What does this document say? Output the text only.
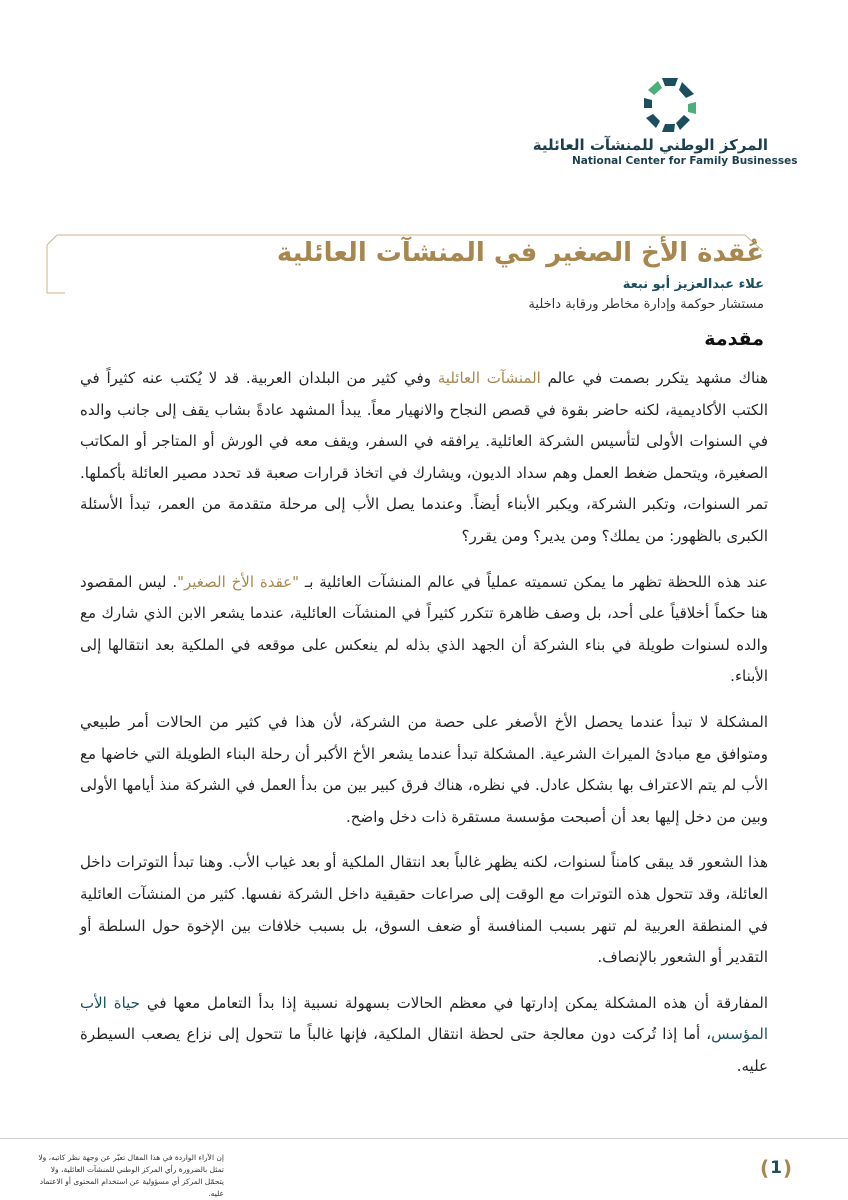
المركز الوطني للمنشآت العائلية
National Center for Family Businesses
عُقدة الأخ الصغير في المنشآت العائلية
علاء عبدالعزيز أبو نبعة
مستشار حوكمة وإدارة مخاطر ورقابة داخلية
مقدمة

هناك مشهد يتكرر بصمت في عالم المنشآت العائلية وفي كثير من البلدان العربية. قد لا يُكتب عنه كثيراً في الكتب الأكاديمية، لكنه حاضر بقوة في قصص النجاح والانهيار معاً. يبدأ المشهد عادةً بشاب يقف إلى جانب والده في السنوات الأولى لتأسيس الشركة العائلية. يرافقه في السفر، ويقف معه في الورش أو المتاجر أو المكاتب الصغيرة، ويتحمل ضغط العمل وهم سداد الديون، ويشارك في اتخاذ قرارات صعبة قد تحدد مصير العائلة بأكملها. تمر السنوات، وتكبر الشركة، ويكبر الأبناء أيضاً. وعندما يصل الأب إلى مرحلة متقدمة من العمر، تبدأ الأسئلة الكبرى بالظهور: من يملك؟ ومن يدير؟ ومن يقرر؟

عند هذه اللحظة تظهر ما يمكن تسميته عملياً في عالم المنشآت العائلية بـ "عقدة الأخ الصغير". ليس المقصود هنا حكماً أخلاقياً على أحد، بل وصف ظاهرة تتكرر كثيراً في المنشآت العائلية، عندما يشعر الابن الذي شارك مع والده لسنوات طويلة في بناء الشركة أن الجهد الذي بذله لم ينعكس على موقعه في الملكية بعد انتقالها إلى الأبناء.

المشكلة لا تبدأ عندما يحصل الأخ الأصغر على حصة من الشركة، لأن هذا في كثير من الحالات أمر طبيعي ومتوافق مع مبادئ الميراث الشرعية. المشكلة تبدأ عندما يشعر الأخ الأكبر أن رحلة البناء الطويلة التي خاضها مع الأب لم يتم الاعتراف بها بشكل عادل. في نظره، هناك فرق كبير بين من بدأ العمل في الشركة منذ أيامها الأولى وبين من دخل إليها بعد أن أصبحت مؤسسة مستقرة ذات دخل واضح.

هذا الشعور قد يبقى كامناً لسنوات، لكنه يظهر غالباً بعد انتقال الملكية أو بعد غياب الأب. وهنا تبدأ التوترات داخل العائلة، وقد تتحول هذه التوترات مع الوقت إلى صراعات حقيقية داخل الشركة نفسها. كثير من المنشآت العائلية في المنطقة العربية لم تنهر بسبب المنافسة أو ضعف السوق، بل بسبب خلافات بين الإخوة حول السلطة أو التقدير أو الشعور بالإنصاف.

المفارقة أن هذه المشكلة يمكن إدارتها في معظم الحالات بسهولة نسبية إذا بدأ التعامل معها في حياة الأب المؤسس، أما إذا تُركت دون معالجة حتى لحظة انتقال الملكية، فإنها غالباً ما تتحول إلى نزاع يصعب السيطرة عليه.

إن الآراء الواردة في هذا المقال تعبّر عن وجهة نظر كاتبه، ولا تمثل بالضرورة رأي المركز الوطني للمنشآت العائلية، ولا يتحمّل المركز أي مسؤولية عن استخدام المحتوى أو الاعتماد عليه.
( 1 )
